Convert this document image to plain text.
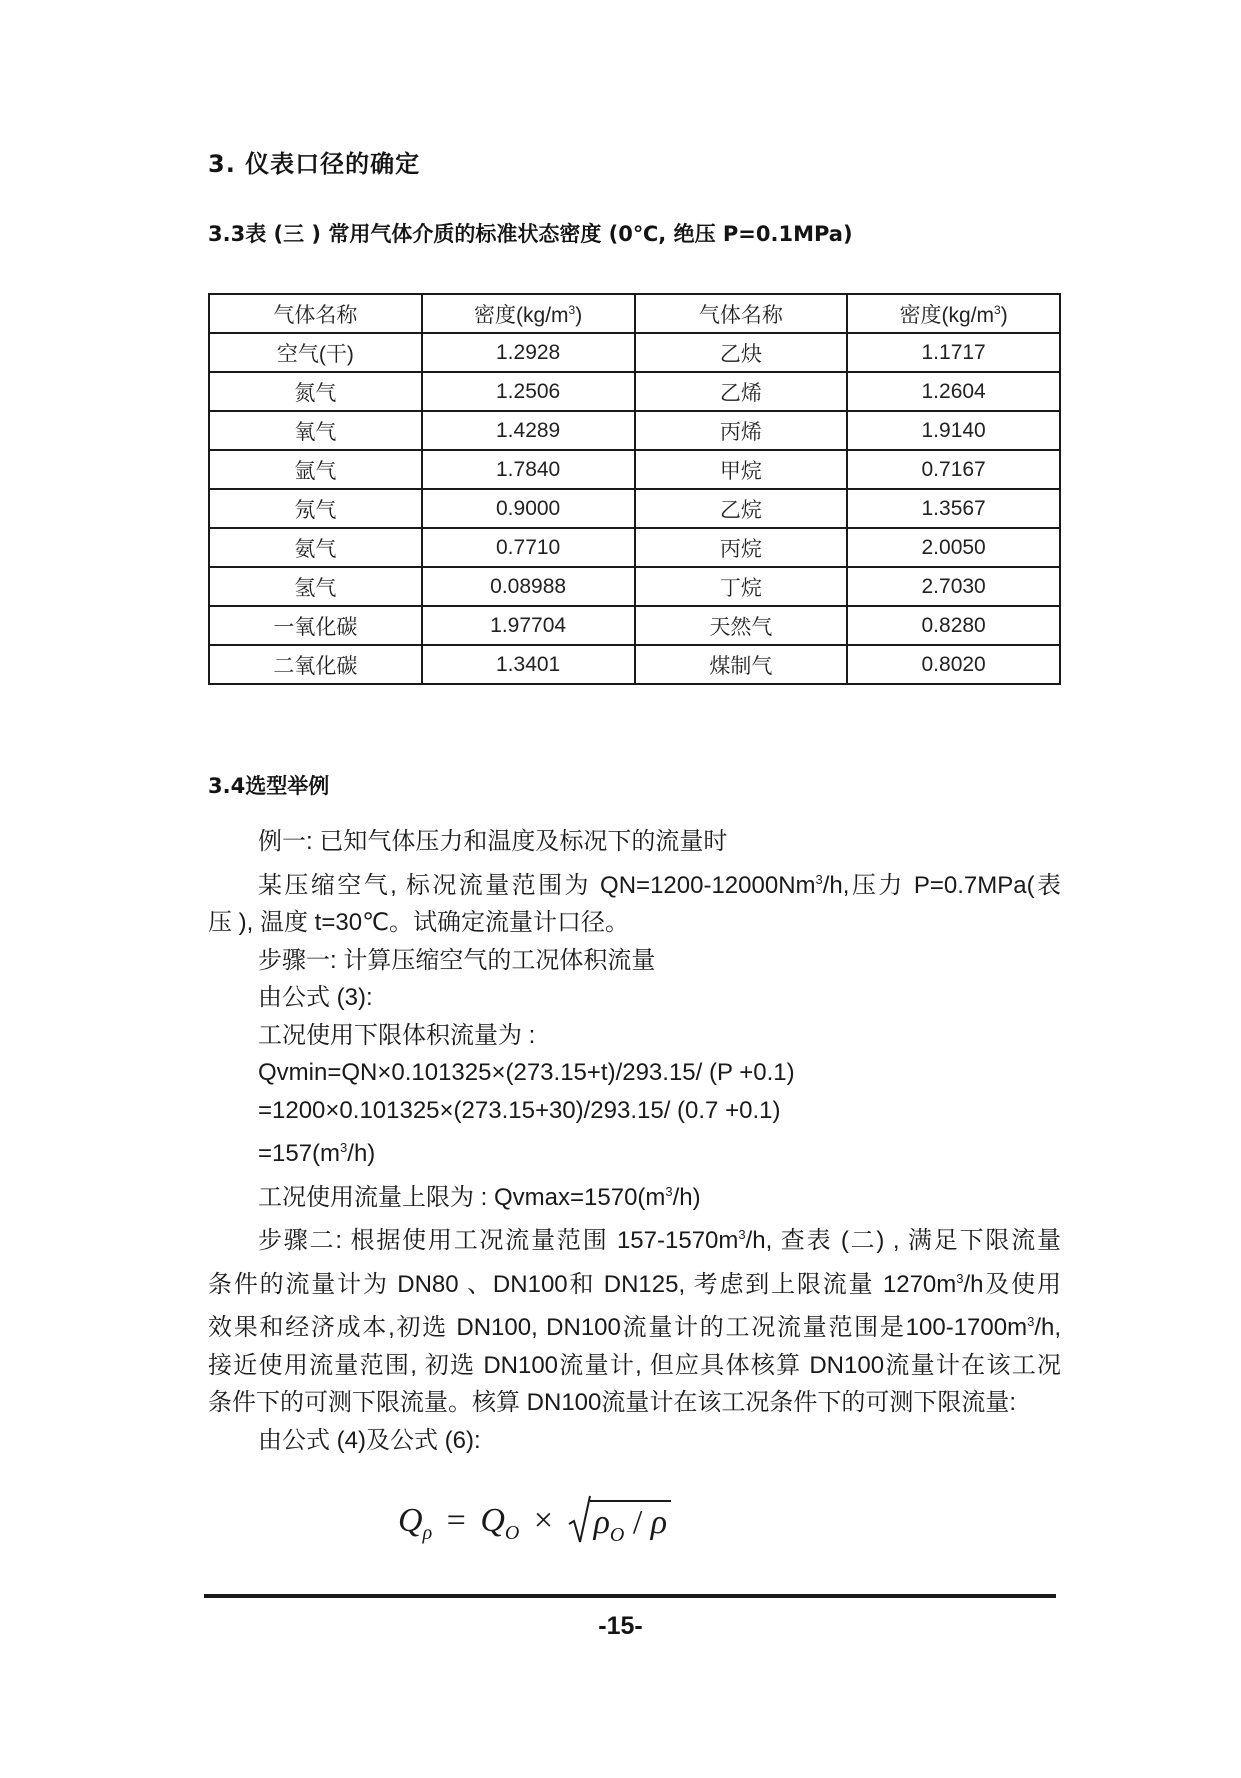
3. 仪表口径的确定
3.3表 (三 ) 常用气体介质的标准状态密度 (0℃, 绝压 P=0.1MPa)
气体名称	密度$(kg/m^3)$	气体名称	密度$(kg/m^3)$
空气(干)	1.2928	乙炔	1.1717
氮气	1.2506	乙烯	1.2604
氧气	1.4289	丙烯	1.9140
氩气	1.7840	甲烷	0.7167
氖气	0.9000	乙烷	1.3567
氨气	0.7710	丙烷	2.0050
氢气	0.08988	丁烷	2.7030
一氧化碳	1.97704	天然气	0.8280
二氧化碳	1.3401	煤制气	0.8020
3.4选型举例

例一: 已知气体压力和温度及标况下的流量时

某压缩空气, 标况流量范围为 $QN=1200-12000Nm^3/h$,压力 P=0.7MPa(表

压 ), 温度 t=30℃。试确定流量计口径。

步骤一: 计算压缩空气的工况体积流量

由公式 (3):

工况使用下限体积流量为 :

Qvmin=QN×0.101325×(273.15+t)/293.15/ (P +0.1)

=1200×0.101325×(273.15+30)/293.15/ (0.7 +0.1)

$=157(m^3/h)$

工况使用流量上限为 : $Qvmax=1570(m^3/h)$

步骤二: 根据使用工况流量范围 $157-1570m^3/h$, 查表 (二) , 满足下限流量

条件的流量计为 DN80 、DN100和 DN125, 考虑到上限流量 $1270m^3/h$及使用

效果和经济成本,初选 DN100, DN100流量计的工况流量范围是$100-1700m^3/h$,

接近使用流量范围, 初选 DN100流量计, 但应具体核算 DN100流量计在该工况

条件下的可测下限流量。核算 DN100流量计在该工况条件下的可测下限流量:

由公式 (4)及公式 (6):

$Q_\rho = Q_O \times \rho_O / \rho$
-15-
